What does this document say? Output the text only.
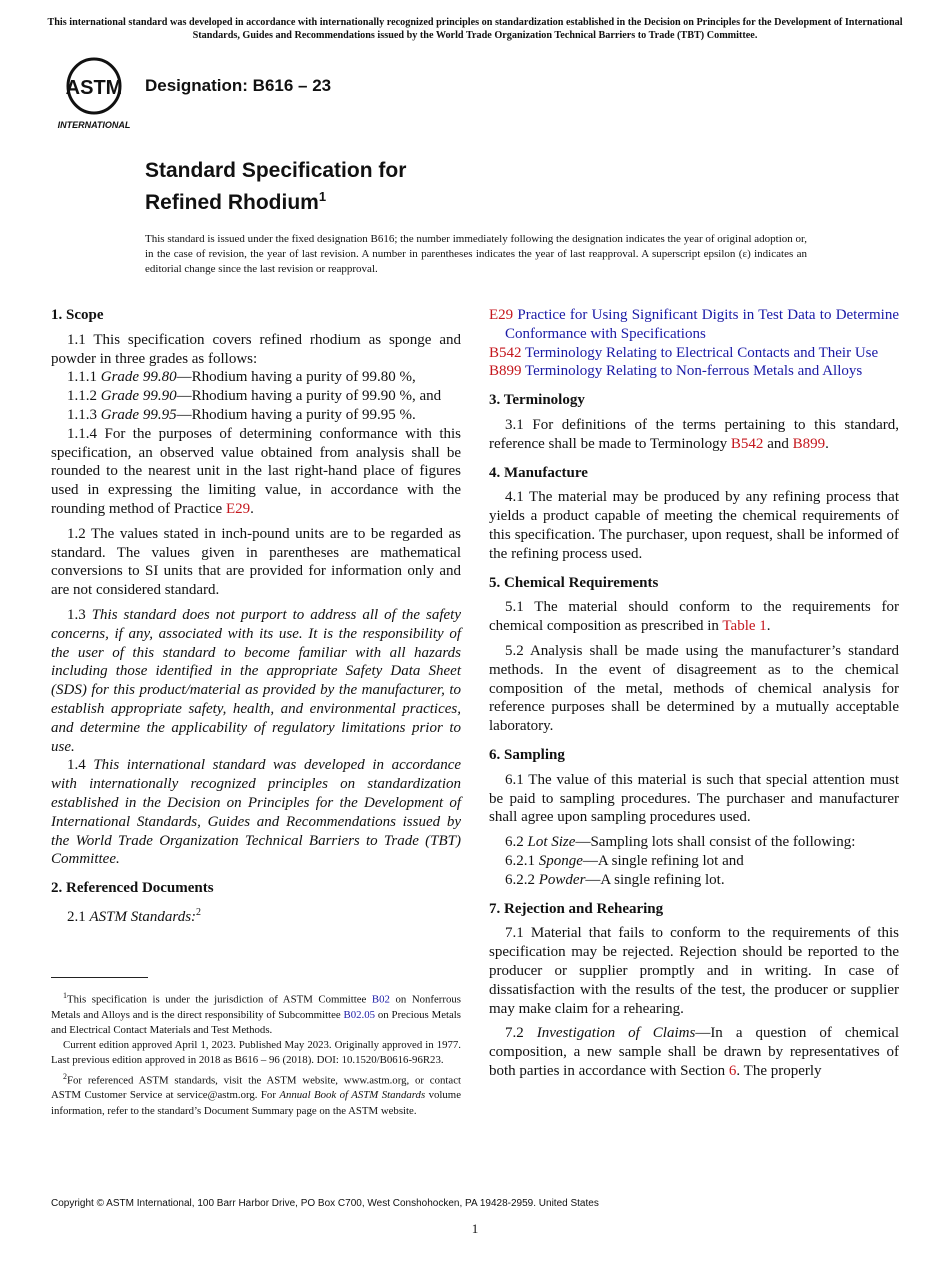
This international standard was developed in accordance with internationally recognized principles on standardization established in the Decision on Principles for the Development of International Standards, Guides and Recommendations issued by the World Trade Organization Technical Barriers to Trade (TBT) Committee.
ASTM
INTERNATIONAL
Designation: B616 – 23
Standard Specification for
Refined Rhodium$^1$
This standard is issued under the fixed designation B616; the number immediately following the designation indicates the year of original adoption or, in the case of revision, the year of last revision. A number in parentheses indicates the year of last reapproval. A superscript epsilon (ε) indicates an editorial change since the last revision or reapproval.
1. Scope

1.1 This specification covers refined rhodium as sponge and powder in three grades as follows:

1.1.1 Grade 99.80—Rhodium having a purity of 99.80 %,

1.1.2 Grade 99.90—Rhodium having a purity of 99.90 %, and

1.1.3 Grade 99.95—Rhodium having a purity of 99.95 %.

1.1.4 For the purposes of determining conformance with this specification, an observed value obtained from analysis shall be rounded to the nearest unit in the last right-hand place of figures used in expressing the limiting value, in accordance with the rounding method of Practice E29.

1.2 The values stated in inch-pound units are to be regarded as standard. The values given in parentheses are mathematical conversions to SI units that are provided for information only and are not considered standard.

1.3 This standard does not purport to address all of the safety concerns, if any, associated with its use. It is the responsibility of the user of this standard to become familiar with all hazards including those identified in the appropriate Safety Data Sheet (SDS) for this product/material as provided by the manufacturer, to establish appropriate safety, health, and environmental practices, and determine the applicability of regulatory limitations prior to use.

1.4 This international standard was developed in accordance with internationally recognized principles on standardization established in the Decision on Principles for the Development of International Standards, Guides and Recommendations issued by the World Trade Organization Technical Barriers to Trade (TBT) Committee.

2. Referenced Documents

2.1 ASTM Standards:$^2$

E29 Practice for Using Significant Digits in Test Data to Determine Conformance with Specifications

B542 Terminology Relating to Electrical Contacts and Their Use

B899 Terminology Relating to Non-ferrous Metals and Alloys

3. Terminology

3.1 For definitions of the terms pertaining to this standard, reference shall be made to Terminology B542 and B899.

4. Manufacture

4.1 The material may be produced by any refining process that yields a product capable of meeting the chemical requirements of this specification. The purchaser, upon request, shall be informed of the refining process used.

5. Chemical Requirements

5.1 The material should conform to the requirements for chemical composition as prescribed in Table 1.

5.2 Analysis shall be made using the manufacturer’s standard methods. In the event of disagreement as to the chemical composition of the metal, methods of chemical analysis for reference purposes shall be determined by a mutually acceptable laboratory.

6. Sampling

6.1 The value of this material is such that special attention must be paid to sampling procedures. The purchaser and manufacturer shall agree upon sampling procedures used.

6.2 Lot Size—Sampling lots shall consist of the following:

6.2.1 Sponge—A single refining lot and

6.2.2 Powder—A single refining lot.

7. Rejection and Rehearing

7.1 Material that fails to conform to the requirements of this specification may be rejected. Rejection should be reported to the producer or supplier promptly and in writing. In case of dissatisfaction with the results of the test, the producer or supplier may make claim for a rehearing.

7.2 Investigation of Claims—In a question of chemical composition, a new sample shall be drawn by representatives of both parties in accordance with Section 6. The properly

$^1$This specification is under the jurisdiction of ASTM Committee B02 on Nonferrous Metals and Alloys and is the direct responsibility of Subcommittee B02.05 on Precious Metals and Electrical Contact Materials and Test Methods.

Current edition approved April 1, 2023. Published May 2023. Originally approved in 1977. Last previous edition approved in 2018 as B616 – 96 (2018). DOI: 10.1520/B0616-96R23.

$^2$For referenced ASTM standards, visit the ASTM website, www.astm.org, or contact ASTM Customer Service at service@astm.org. For Annual Book of ASTM Standards volume information, refer to the standard’s Document Summary page on the ASTM website.

Copyright © ASTM International, 100 Barr Harbor Drive, PO Box C700, West Conshohocken, PA 19428-2959. United States
1
